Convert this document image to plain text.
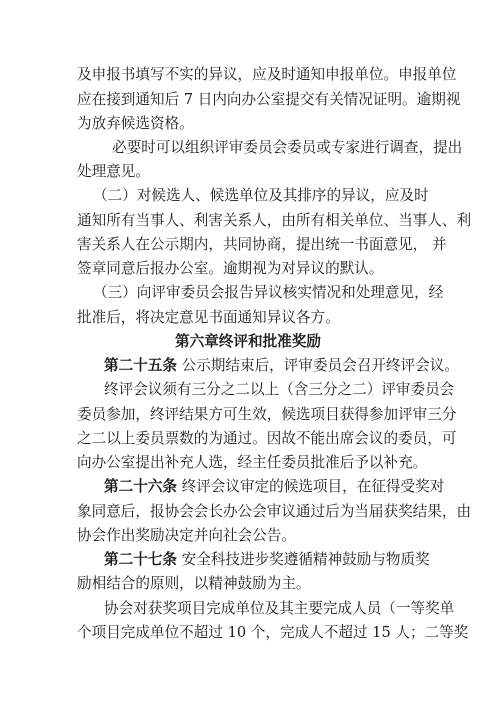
及申报书填写不实的异议，应及时通知申报单位。申报单位
应在接到通知后 7 日内向办公室提交有关情况证明。逾期视
为放弃候选资格。
必要时可以组织评审委员会委员或专家进行调查，提出
处理意见。
（二）对候选人、候选单位及其排序的异议，应及时
通知所有当事人、利害关系人，由所有相关单位、当事人、利
害关系人在公示期内，共同协商，提出统一书面意见， 并
签章同意后报办公室。逾期视为对异议的默认。
（三）向评审委员会报告异议核实情况和处理意见，经
批准后，将决定意见书面通知异议各方。
第六章终评和批准奖励
第二十五条 公示期结束后，评审委员会召开终评会议。
终评会议须有三分之二以上（含三分之二）评审委员会
委员参加，终评结果方可生效，候选项目获得参加评审三分
之二以上委员票数的为通过。因故不能出席会议的委员，可
向办公室提出补充人选，经主任委员批准后予以补充。
第二十六条 终评会议审定的候选项目，在征得受奖对
象同意后，报协会会长办公会审议通过后为当届获奖结果，由
协会作出奖励决定并向社会公告。
第二十七条 安全科技进步奖遵循精神鼓励与物质奖
励相结合的原则，以精神鼓励为主。
协会对获奖项目完成单位及其主要完成人员（一等奖单
个项目完成单位不超过 10 个，完成人不超过 15 人；二等奖
